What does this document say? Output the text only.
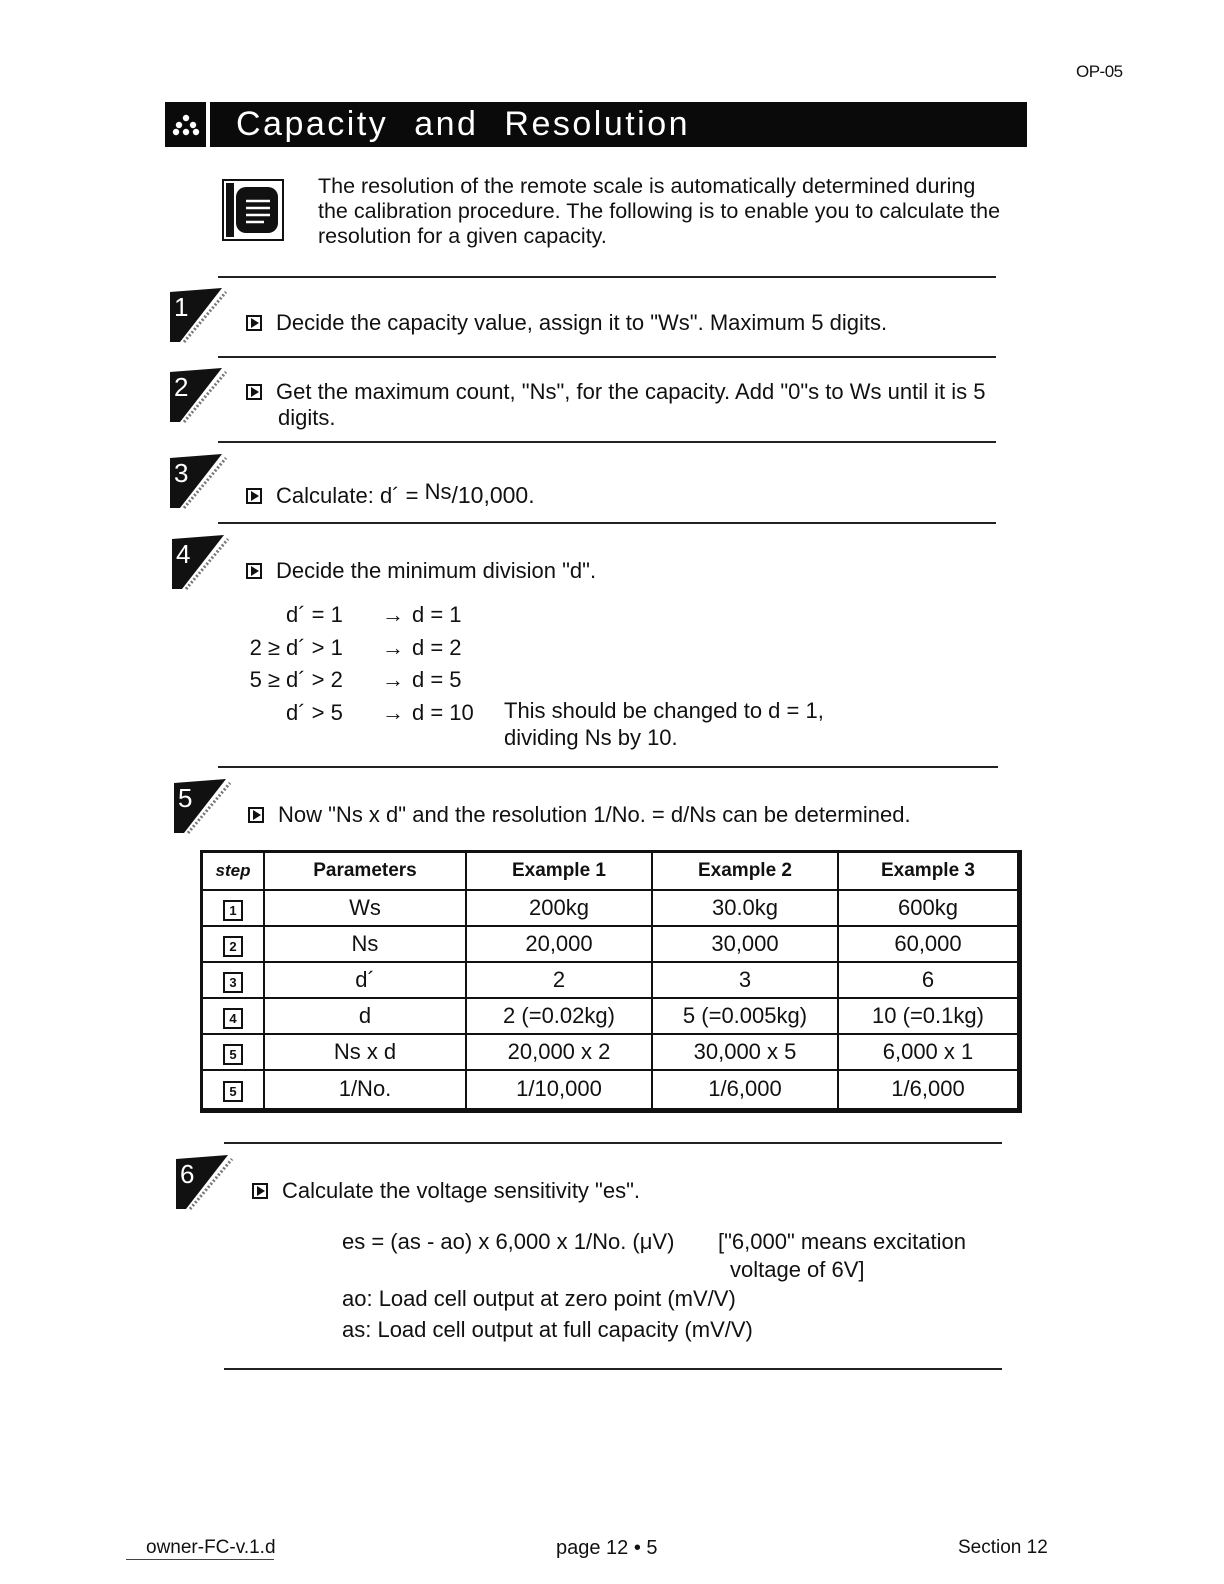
OP-05
Capacity and Resolution
The resolution of the remote scale is automatically determined during the calibration procedure. The following is to enable you to calculate the resolution for a given capacity.
1
Decide the capacity value, assign it to "Ws". Maximum 5 digits.
2	Get the maximum count, "Ns", for the capacity. Add "0"s to Ws until it is 5 digits.
3
Calculate: d´ = Ns/10,000.
4
Decide the minimum division "d".
d´ = 1	→ d = 1
2 ≥ d´ > 1	→ d = 2
5 ≥ d´ > 2	→ d = 5
d´ > 5	→ d = 10	This should be changed to d = 1, dividing Ns by 10.
5
Now "Ns x d" and the resolution 1/No. = d/Ns can be determined.
step	Parameters	Example 1	Example 2	Example 3
1	Ws	200kg	30.0kg	600kg
2	Ns	20,000	30,000	60,000
3	d´	2	3	6
4	d	2 (=0.02kg)	5 (=0.005kg)	10 (=0.1kg)
5	Ns x d	20,000 x 2	30,000 x 5	6,000 x 1
5	1/No.	1/10,000	1/6,000	1/6,000
6
Calculate the voltage sensitivity "es".
es = (as - ao) x 6,000 x 1/No. (μV) ["6,000" means excitation
voltage of 6V]
ao: Load cell output at zero point (mV/V)
as: Load cell output at full capacity (mV/V)
owner-FC-v.1.d	page 12 • 5	Section 12
